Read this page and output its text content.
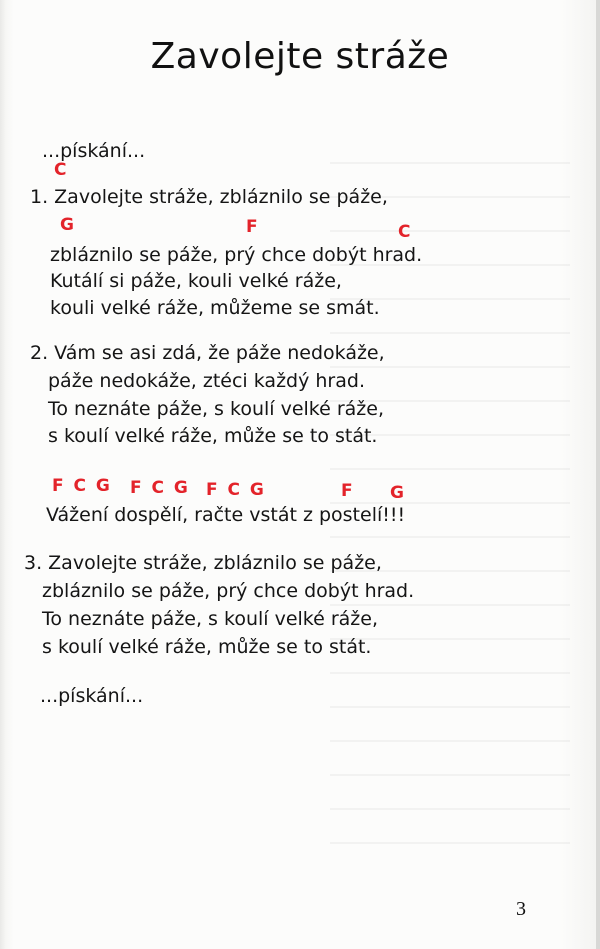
Zavolejte stráže
...pískání...
C
1. Zavolejte stráže, zbláznilo se páže,
G	F	C
zbláznilo se páže, prý chce dobýt hrad.
Kutálí si páže, kouli velké ráže,
kouli velké ráže, můžeme se smát.
2. Vám se asi zdá, že páže nedokáže,
páže nedokáže, ztéci každý hrad.
To neznáte páže, s koulí velké ráže,
s koulí velké ráže, může se to stát.
F C G F C G F C G	F G
Vážení dospělí, račte vstát z postelí!!!
3. Zavolejte stráže, zbláznilo se páže,
zbláznilo se páže, prý chce dobýt hrad.
To neznáte páže, s koulí velké ráže,
s koulí velké ráže, může se to stát.
...pískání...
3
